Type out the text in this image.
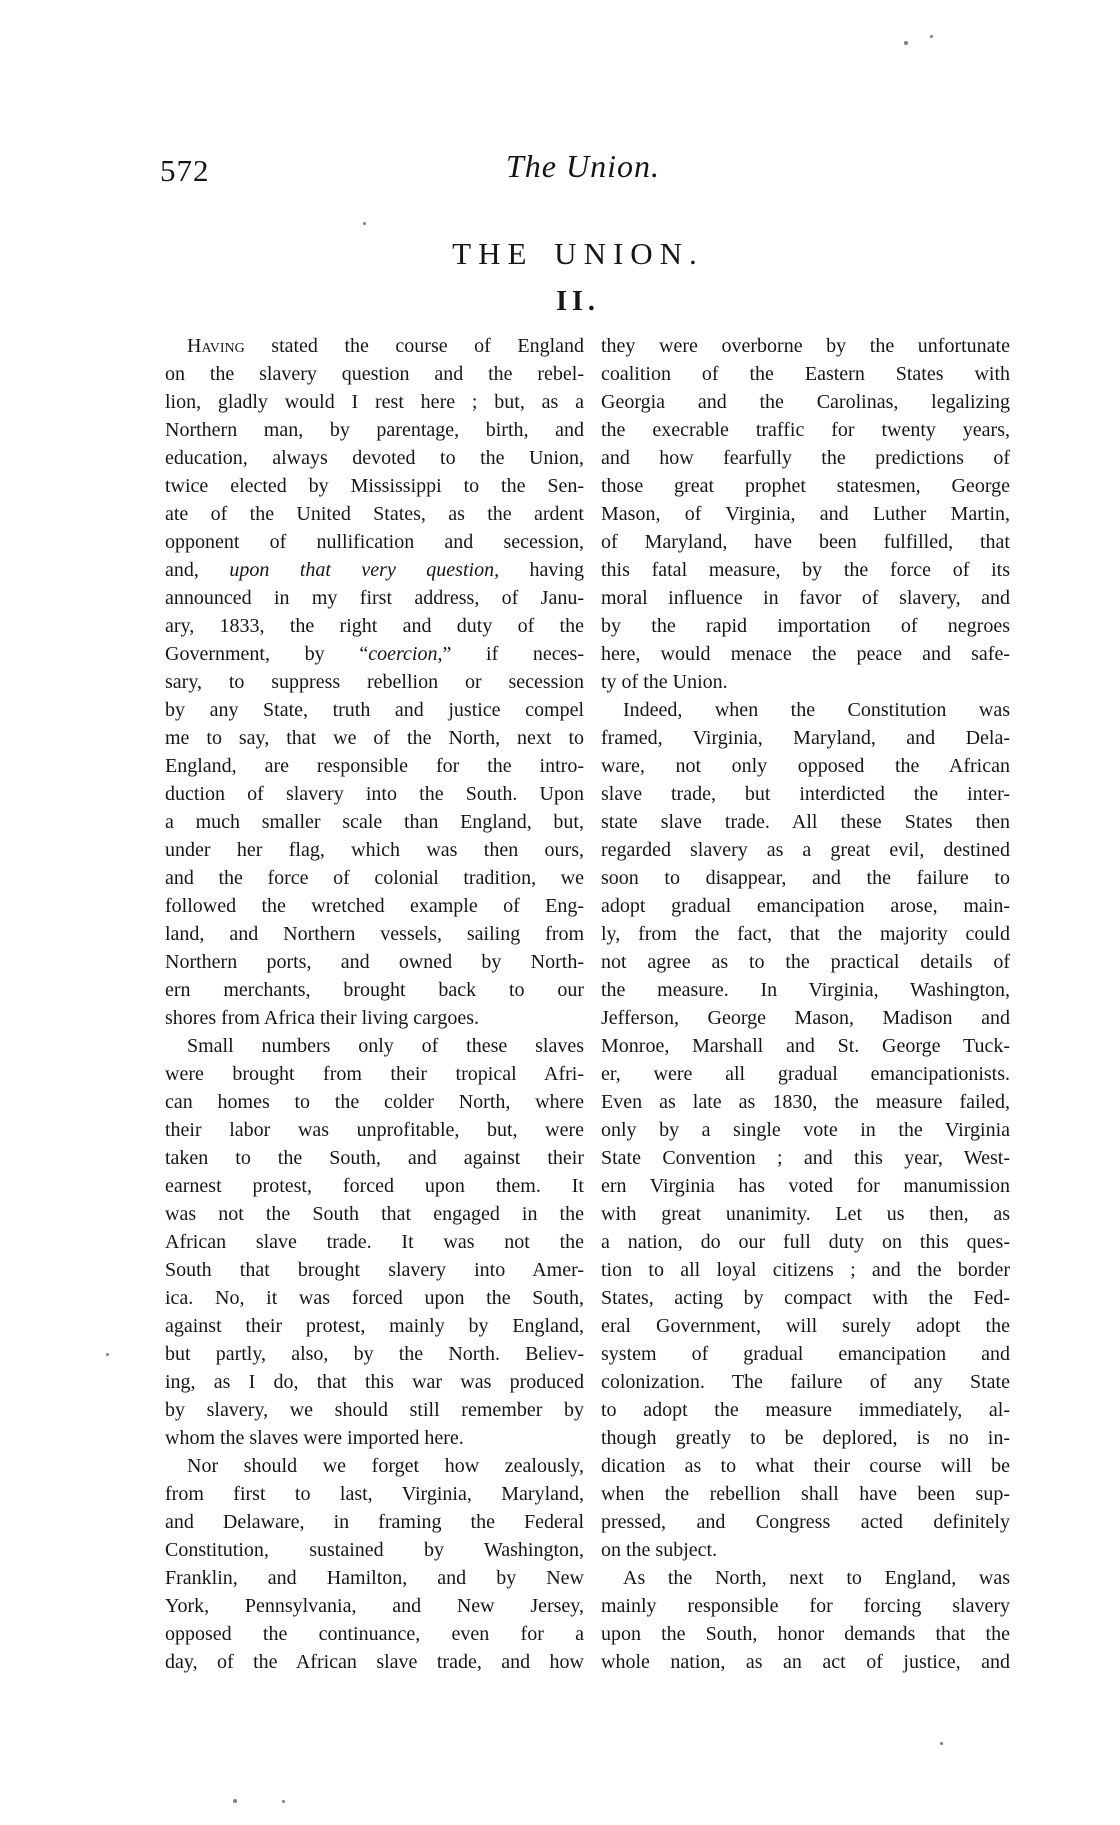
572	The Union.
THE UNION.
II.
Having stated the course of England
on the slavery question and the rebel-
lion, gladly would I rest here ; but, as a
Northern man, by parentage, birth, and
education, always devoted to the Union,
twice elected by Mississippi to the Sen-
ate of the United States, as the ardent
opponent of nullification and secession,
and, upon that very question, having
announced in my first address, of Janu-
ary, 1833, the right and duty of the
Government, by “coercion,” if neces-
sary, to suppress rebellion or secession
by any State, truth and justice compel
me to say, that we of the North, next to
England, are responsible for the intro-
duction of slavery into the South. Upon
a much smaller scale than England, but,
under her flag, which was then ours,
and the force of colonial tradition, we
followed the wretched example of Eng-
land, and Northern vessels, sailing from
Northern ports, and owned by North-
ern merchants, brought back to our
shores from Africa their living cargoes.
Small numbers only of these slaves
were brought from their tropical Afri-
can homes to the colder North, where
their labor was unprofitable, but, were
taken to the South, and against their
earnest protest, forced upon them. It
was not the South that engaged in the
African slave trade. It was not the
South that brought slavery into Amer-
ica. No, it was forced upon the South,
against their protest, mainly by England,
but partly, also, by the North. Believ-
ing, as I do, that this war was produced
by slavery, we should still remember by
whom the slaves were imported here.
Nor should we forget how zealously,
from first to last, Virginia, Maryland,
and Delaware, in framing the Federal
Constitution, sustained by Washington,
Franklin, and Hamilton, and by New
York, Pennsylvania, and New Jersey,
opposed the continuance, even for a
day, of the African slave trade, and how
they were overborne by the unfortunate
coalition of the Eastern States with
Georgia and the Carolinas, legalizing
the execrable traffic for twenty years,
and how fearfully the predictions of
those great prophet statesmen, George
Mason, of Virginia, and Luther Martin,
of Maryland, have been fulfilled, that
this fatal measure, by the force of its
moral influence in favor of slavery, and
by the rapid importation of negroes
here, would menace the peace and safe-
ty of the Union.
Indeed, when the Constitution was
framed, Virginia, Maryland, and Dela-
ware, not only opposed the African
slave trade, but interdicted the inter-
state slave trade. All these States then
regarded slavery as a great evil, destined
soon to disappear, and the failure to
adopt gradual emancipation arose, main-
ly, from the fact, that the majority could
not agree as to the practical details of
the measure. In Virginia, Washington,
Jefferson, George Mason, Madison and
Monroe, Marshall and St. George Tuck-
er, were all gradual emancipationists.
Even as late as 1830, the measure failed,
only by a single vote in the Virginia
State Convention ; and this year, West-
ern Virginia has voted for manumission
with great unanimity. Let us then, as
a nation, do our full duty on this ques-
tion to all loyal citizens ; and the border
States, acting by compact with the Fed-
eral Government, will surely adopt the
system of gradual emancipation and
colonization. The failure of any State
to adopt the measure immediately, al-
though greatly to be deplored, is no in-
dication as to what their course will be
when the rebellion shall have been sup-
pressed, and Congress acted definitely
on the subject.
As the North, next to England, was
mainly responsible for forcing slavery
upon the South, honor demands that the
whole nation, as an act of justice, and
